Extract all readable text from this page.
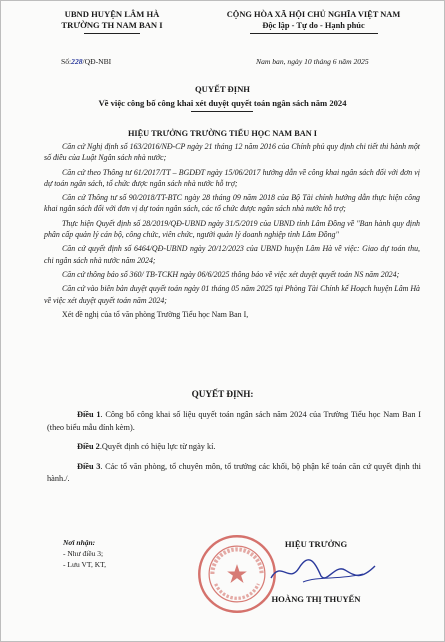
UBND HUYỆN LÂM HÀ
TRƯỜNG TH NAM BAN I
CỘNG HÒA XÃ HỘI CHỦ NGHĨA VIỆT NAM
Độc lập - Tự do - Hạnh phúc
Số:228/QĐ-NBI	Nam ban, ngày 10 tháng 6 năm 2025
QUYẾT ĐỊNH
Về việc công bố công khai xét duyệt quyết toán ngân sách năm 2024
HIỆU TRƯỞNG TRƯỜNG TIỂU HỌC NAM BAN I

Căn cứ Nghị định số 163/2016/NĐ-CP ngày 21 tháng 12 năm 2016 của Chính phủ quy định chi tiết thi hành một số điều của Luật Ngân sách nhà nước;

Căn cứ theo Thông tư 61/2017/TT – BGDĐT ngày 15/06/2017 hướng dẫn về công khai ngân sách đối với đơn vị dự toán ngân sách, tổ chức được ngân sách nhà nước hỗ trợ;

Căn cứ Thông tư số 90/2018/TT-BTC ngày 28 tháng 09 năm 2018 của Bộ Tài chính hướng dẫn thực hiện công khai ngân sách đối với đơn vị dự toán ngân sách, các tổ chức được ngân sách nhà nước hỗ trợ;

Thực hiện Quyết định số 28/2019/QĐ-UBND ngày 31/5/2019 của UBND tỉnh Lâm Đồng về "Ban hành quy định phân cấp quản lý cán bộ, công chức, viên chức, người quản lý doanh nghiệp tỉnh Lâm Đồng"

Căn cứ quyết định số 6464/QĐ-UBND ngày 20/12/2023 của UBND huyện Lâm Hà về việc: Giao dự toán thu, chi ngân sách nhà nước năm 2024;

Căn cứ thông báo số 360/ TB-TCKH ngày 06/6/2025 thông báo về việc xét duyệt quyết toán NS năm 2024;

Căn cứ vào biên bản duyệt quyết toán ngày 01 tháng 05 năm 2025 tại Phòng Tài Chính kế Hoạch huyện Lâm Hà về việc xét duyệt quyết toán năm 2024;

Xét đề nghị của tổ văn phòng Trường Tiểu học Nam Ban I,

QUYẾT ĐỊNH:

Điều 1. Công bố công khai số liệu quyết toán ngân sách năm 2024 của Trường Tiểu học Nam Ban I (theo biểu mẫu đính kèm).

Điều 2.Quyết định có hiệu lực từ ngày kí.

Điều 3. Các tổ văn phòng, tổ chuyên môn, tổ trưởng các khối, bộ phận kế toán căn cứ quyết định thi hành./.

Nơi nhận:
- Như điều 3;
- Lưu VT, KT,
HIỆU TRƯỞNG
HOÀNG THỊ THUYẾN
